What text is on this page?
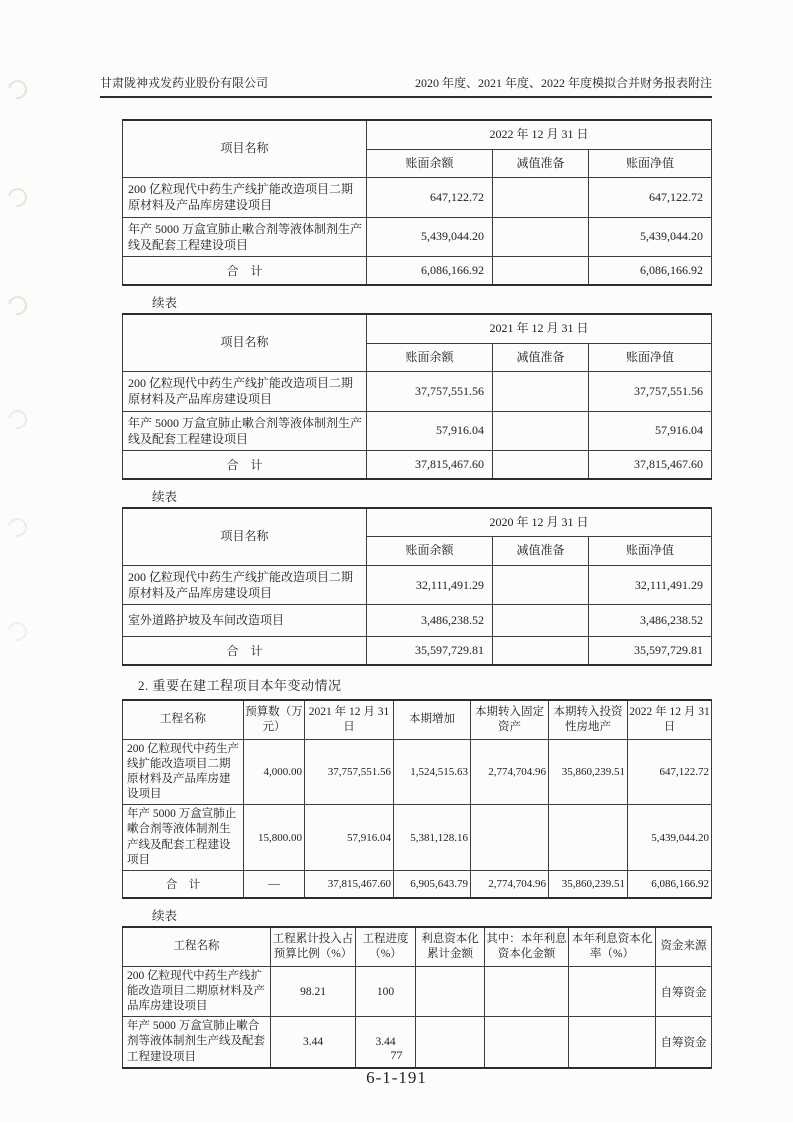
甘肃陇神戎发药业股份有限公司	2020 年度、2021 年度、2022 年度模拟合并财务报表附注
项目名称	2022 年 12 月 31 日		
	账面余额	减值准备	账面净值
200 亿粒现代中药生产线扩能改造项目二期原材料及产品库房建设项目	647,122.72		647,122.72
年产 5000 万盒宣肺止嗽合剂等液体制剂生产线及配套工程建设项目	5,439,044.20		5,439,044.20
合　计	6,086,166.92		6,086,166.92
续表
项目名称	2021 年 12 月 31 日		
	账面余额	减值准备	账面净值
200 亿粒现代中药生产线扩能改造项目二期原材料及产品库房建设项目	37,757,551.56		37,757,551.56
年产 5000 万盒宣肺止嗽合剂等液体制剂生产线及配套工程建设项目	57,916.04		57,916.04
合　计	37,815,467.60		37,815,467.60
续表
项目名称	2020 年 12 月 31 日		
	账面余额	减值准备	账面净值
200 亿粒现代中药生产线扩能改造项目二期原材料及产品库房建设项目	32,111,491.29		32,111,491.29
室外道路护坡及车间改造项目	3,486,238.52		3,486,238.52
合　计	35,597,729.81		35,597,729.81
2. 重要在建工程项目本年变动情况
工程名称	预算数（万元）	2021 年 12 月 31 日	本期增加	本期转入固定资产	本期转入投资性房地产	2022 年 12 月 31 日
200 亿粒现代中药生产线扩能改造项目二期原材料及产品库房建设项目	4,000.00	37,757,551.56	1,524,515.63	2,774,704.96	35,860,239.51	647,122.72
年产 5000 万盒宣肺止嗽合剂等液体制剂生产线及配套工程建设项目	15,800.00	57,916.04	5,381,128.16			5,439,044.20
合　计	—	37,815,467.60	6,905,643.79	2,774,704.96	35,860,239.51	6,086,166.92
续表
工程名称	工程累计投入占预算比例（%）	工程进度（%）	利息资本化累计金额	其中：本年利息资本化金额	本年利息资本化率（%）	资金来源
200 亿粒现代中药生产线扩能改造项目二期原材料及产品库房建设项目	98.21	100				自筹资金
年产 5000 万盒宣肺止嗽合剂等液体制剂生产线及配套工程建设项目	3.44	3.44				自筹资金
77
6-1-191
